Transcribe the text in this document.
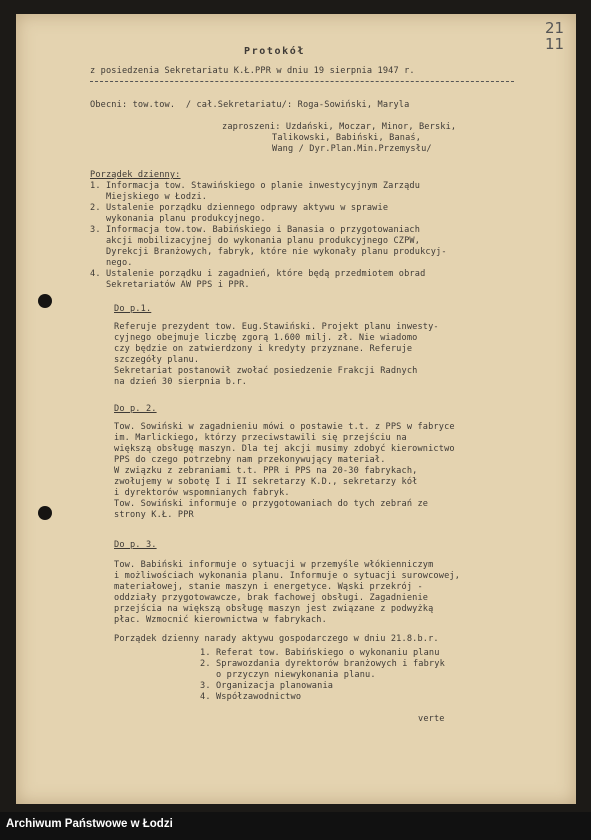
21
11
Protokół
z posiedzenia Sekretariatu K.Ł.PPR w dniu 19 sierpnia 1947 r.
Obecni: tow.tow.  / cał.Sekretariatu/: Roga-Sowiński, Maryla
zaproszeni: Uzdański, Moczar, Minor, Berski,
Talikowski, Babiński, Banaś,
Wang / Dyr.Plan.Min.Przemysłu/
Porządek dzienny:
1. Informacja tow. Stawińskiego o planie inwestycyjnym Zarządu
Miejskiego w Łodzi.
2. Ustalenie porządku dziennego odprawy aktywu w sprawie
wykonania planu produkcyjnego.
3. Informacja tow.tow. Babińskiego i Banasia o przygotowaniach
akcji mobilizacyjnej do wykonania planu produkcyjnego CZPW,
Dyrekcji Branżowych, fabryk, które nie wykonały planu produkcyj-
nego.
4. Ustalenie porządku i zagadnień, które będą przedmiotem obrad
Sekretariatów AW PPS i PPR.
Do p.1.
Referuje prezydent tow. Eug.Stawiński. Projekt planu inwesty-
cyjnego obejmuje liczbę zgorą 1.600 milj. zł. Nie wiadomo
czy będzie on zatwierdzony i kredyty przyznane. Referuje
szczegóły planu.
Sekretariat postanowił zwołać posiedzenie Frakcji Radnych
na dzień 30 sierpnia b.r.
Do p. 2.
Tow. Sowiński w zagadnieniu mówi o postawie t.t. z PPS w fabryce
im. Marlickiego, którzy przeciwstawili się przejściu na
większą obsługę maszyn. Dla tej akcji musimy zdobyć kierownictwo
PPS do czego potrzebny nam przekonywujący materiał.
W związku z zebraniami t.t. PPR i PPS na 20-30 fabrykach,
zwołujemy w sobotę I i II sekretarzy K.D., sekretarzy kół
i dyrektorów wspomnianych fabryk.
Tow. Sowiński informuje o przygotowaniach do tych zebrań ze
strony K.Ł. PPR
Do p. 3.
Tow. Babiński informuje o sytuacji w przemyśle włókienniczym
i możliwościach wykonania planu. Informuje o sytuacji surowcowej,
materiałowej, stanie maszyn i energetyce. Wąski przekrój -
oddziały przygotowawcze, brak fachowej obsługi. Zagadnienie
przejścia na większą obsługę maszyn jest związane z podwyżką
płac. Wzmocnić kierownictwa w fabrykach.
Porządek dzienny narady aktywu gospodarczego w dniu 21.8.b.r.
1. Referat tow. Babińskiego o wykonaniu planu
2. Sprawozdania dyrektorów branżowych i fabryk
o przyczyn niewykonania planu.
3. Organizacja planowania
4. Współzawodnictwo
verte
Archiwum Państwowe w Łodzi
